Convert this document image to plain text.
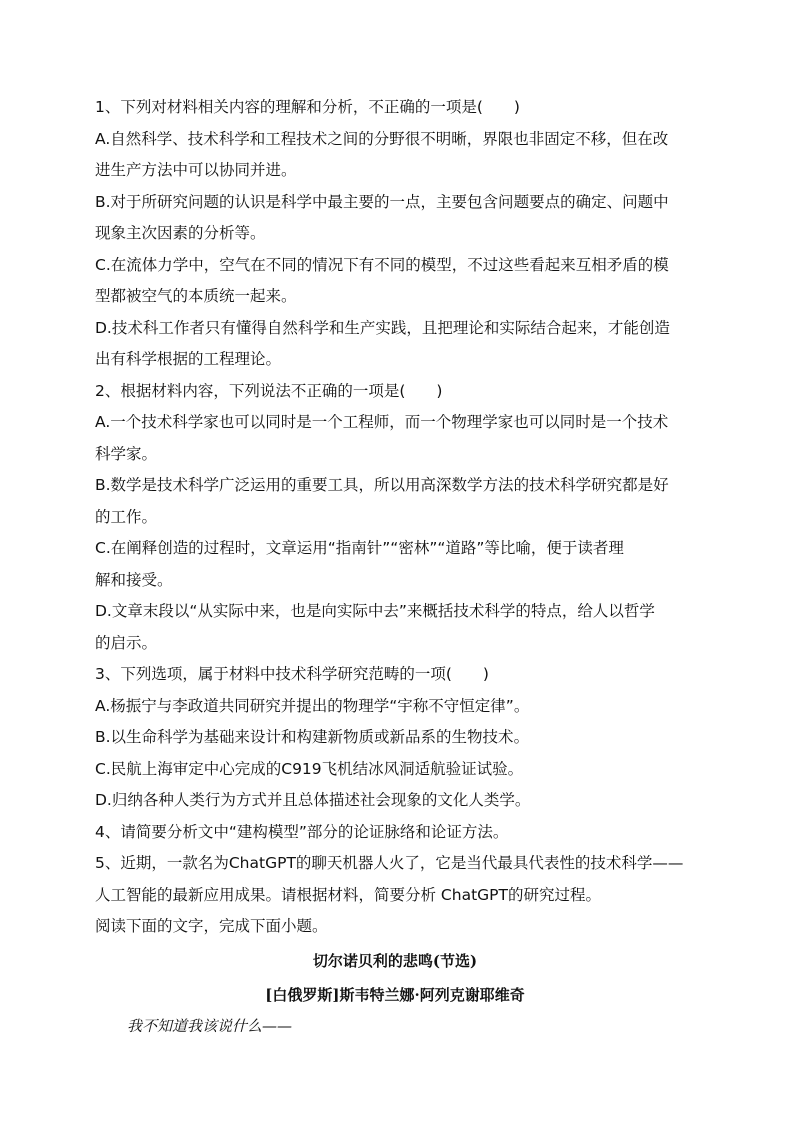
1、下列对材料相关内容的理解和分析，不正确的一项是(　　)
A.自然科学、技术科学和工程技术之间的分野很不明晰，界限也非固定不移，但在改
进生产方法中可以协同并进。
B.对于所研究问题的认识是科学中最主要的一点，主要包含问题要点的确定、问题中
现象主次因素的分析等。
C.在流体力学中，空气在不同的情况下有不同的模型，不过这些看起来互相矛盾的模
型都被空气的本质统一起来。
D.技术科工作者只有懂得自然科学和生产实践，且把理论和实际结合起来，才能创造
出有科学根据的工程理论。
2、根据材料内容，下列说法不正确的一项是(　　)
A.一个技术科学家也可以同时是一个工程师，而一个物理学家也可以同时是一个技术
科学家。
B.数学是技术科学广泛运用的重要工具，所以用高深数学方法的技术科学研究都是好
的工作。
C.在阐释创造的过程时，文章运用“指南针”“密林”“道路”等比喻，便于读者理
解和接受。
D.文章末段以“从实际中来，也是向实际中去”来概括技术科学的特点，给人以哲学
的启示。
3、下列选项，属于材料中技术科学研究范畴的一项(　　)
A.杨振宁与李政道共同研究并提出的物理学“宇称不守恒定律”。
B.以生命科学为基础来设计和构建新物质或新品系的生物技术。
C.民航上海审定中心完成的C919飞机结冰风洞适航验证试验。
D.归纳各种人类行为方式并且总体描述社会现象的文化人类学。
4、请简要分析文中“建构模型”部分的论证脉络和论证方法。
5、近期，一款名为ChatGPT的聊天机器人火了，它是当代最具代表性的技术科学——
人工智能的最新应用成果。请根据材料，简要分析 ChatGPT的研究过程。
阅读下面的文字，完成下面小题。
切尔诺贝利的悲鸣(节选)
[白俄罗斯]斯韦特兰娜·阿列克谢耶维奇
我不知道我该说什么——
